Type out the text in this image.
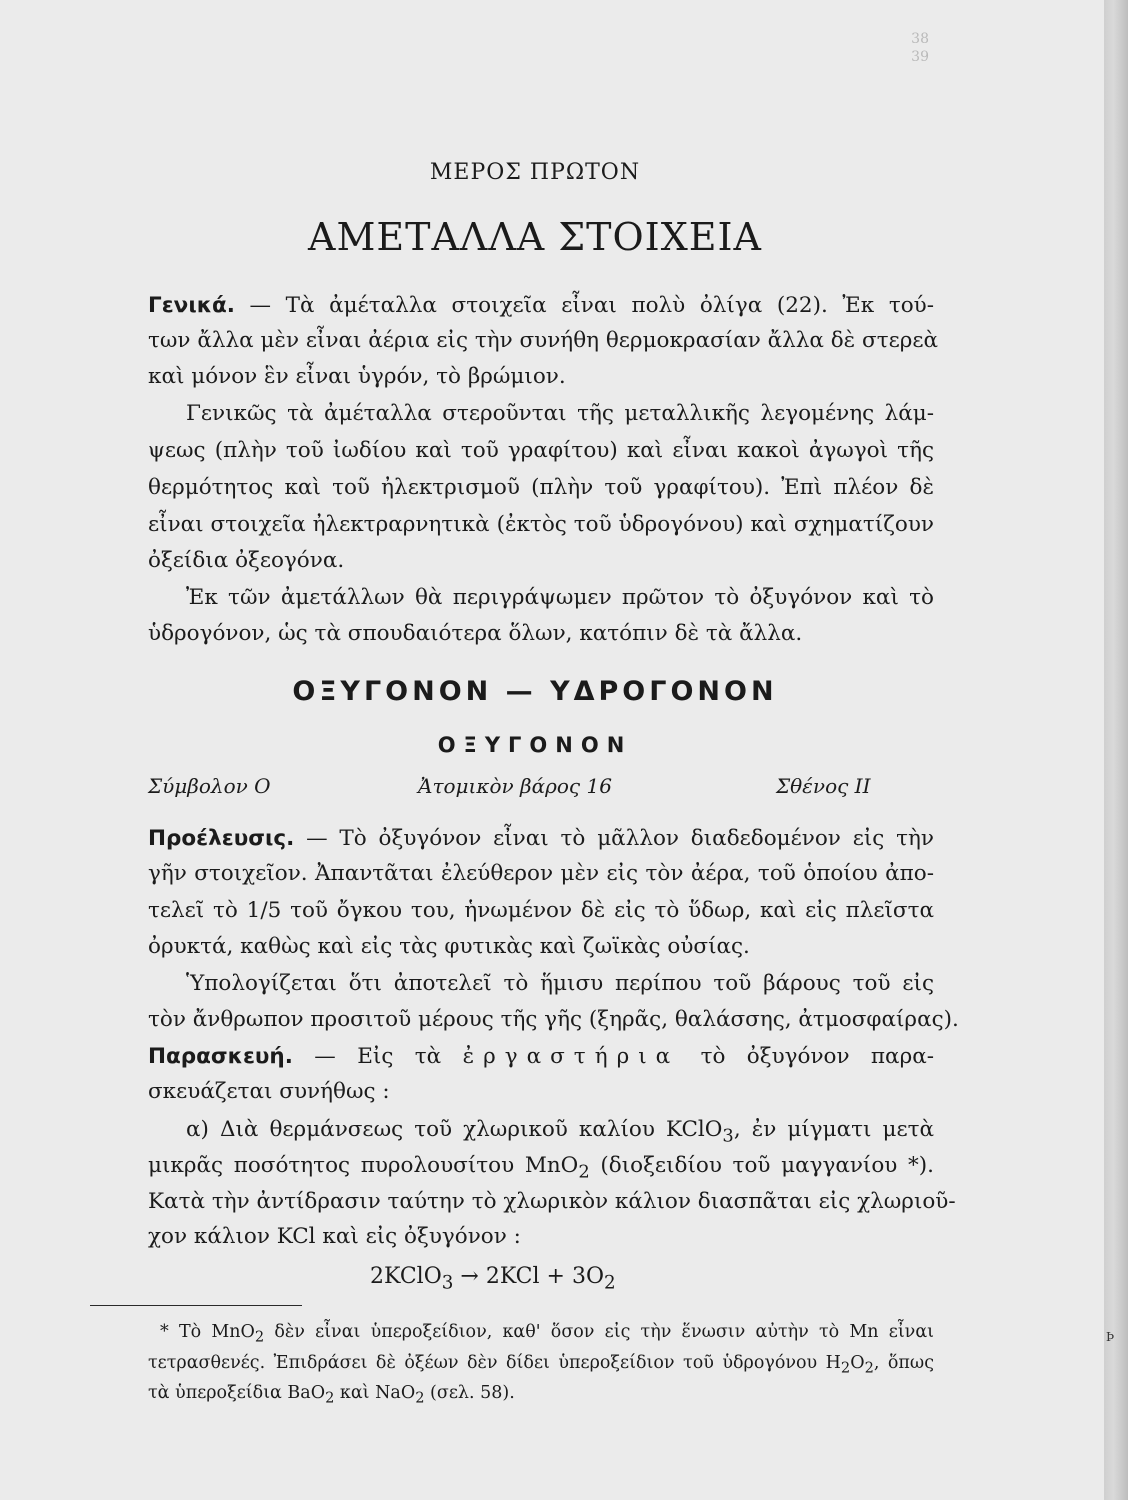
38
39
ΜΕΡΟΣ ΠΡΩΤΟΝ
ΑΜΕΤΑΛΛΑ ΣΤΟΙΧΕΙΑ
Γενικά. — Τὰ ἀμέταλλα στοιχεῖα εἶναι πολὺ ὀλίγα (22). Ἐκ τού-
των ἄλλα μὲν εἶναι ἀέρια εἰς τὴν συνήθη θερμοκρασίαν ἄλλα δὲ στερεὰ
καὶ μόνον ἓν εἶναι ὑγρόν, τὸ βρώμιον.
Γενικῶς τὰ ἀμέταλλα στεροῦνται τῆς μεταλλικῆς λεγομένης λάμ-
ψεως (πλὴν τοῦ ἰωδίου καὶ τοῦ γραφίτου) καὶ εἶναι κακοὶ ἀγωγοὶ τῆς
θερμότητος καὶ τοῦ ἠλεκτρισμοῦ (πλὴν τοῦ γραφίτου). Ἐπὶ πλέον δὲ
εἶναι στοιχεῖα ἠλεκτραρνητικὰ (ἐκτὸς τοῦ ὑδρογόνου) καὶ σχηματίζουν
ὀξείδια ὀξεογόνα.
Ἐκ τῶν ἀμετάλλων θὰ περιγράψωμεν πρῶτον τὸ ὀξυγόνον καὶ τὸ
ὑδρογόνον, ὡς τὰ σπουδαιότερα ὅλων, κατόπιν δὲ τὰ ἄλλα.
ΟΞΥΓΟΝΟΝ — ΥΔΡΟΓΟΝΟΝ
ΟΞΥΓΟΝΟΝ
Σύμβολον O	Ἀτομικὸν βάρος 16	Σθένος II
Προέλευσις. — Τὸ ὀξυγόνον εἶναι τὸ μᾶλλον διαδεδομένον εἰς τὴν
γῆν στοιχεῖον. Ἀπαντᾶται ἐλεύθερον μὲν εἰς τὸν ἀέρα, τοῦ ὁποίου ἀπο-
τελεῖ τὸ 1/5 τοῦ ὄγκου του, ἡνωμένον δὲ εἰς τὸ ὕδωρ, καὶ εἰς πλεῖστα
ὀρυκτά, καθὼς καὶ εἰς τὰς φυτικὰς καὶ ζωϊκὰς οὐσίας.
Ὑπολογίζεται ὅτι ἀποτελεῖ τὸ ἥμισυ περίπου τοῦ βάρους τοῦ εἰς
τὸν ἄνθρωπον προσιτοῦ μέρους τῆς γῆς (ξηρᾶς, θαλάσσης, ἀτμοσφαίρας).
Παρασκευή. — Εἰς τὰ ἐργαστήρια τὸ ὀξυγόνον παρα-
σκευάζεται συνήθως :
α) Διὰ θερμάνσεως τοῦ χλωρικοῦ καλίου KClO$_3$, ἐν μίγματι μετὰ
μικρᾶς ποσότητος πυρολουσίτου MnO$_2$ (διοξειδίου τοῦ μαγγανίου *).
Κατὰ τὴν ἀντίδρασιν ταύτην τὸ χλωρικὸν κάλιον διασπᾶται εἰς χλωριοῦ-
χον κάλιον KCl καὶ εἰς ὀξυγόνον :
2KClO$_3$ → $2KCl + 3O_2$
* Τὸ MnO$_2$ δὲν εἶναι ὑπεροξείδιον, καθ' ὅσον εἰς τὴν ἕνωσιν αὐτὴν τὸ Mn εἶναι
τετρασθενές. Ἐπιδράσει δὲ ὀξέων δὲν δίδει ὑπεροξείδιον τοῦ ὑδρογόνου $H_2O_2$, ὅπως
τὰ ὑπεροξείδια BaO$_2$ καὶ NaO$_2$ (σελ. 58).
Þ
